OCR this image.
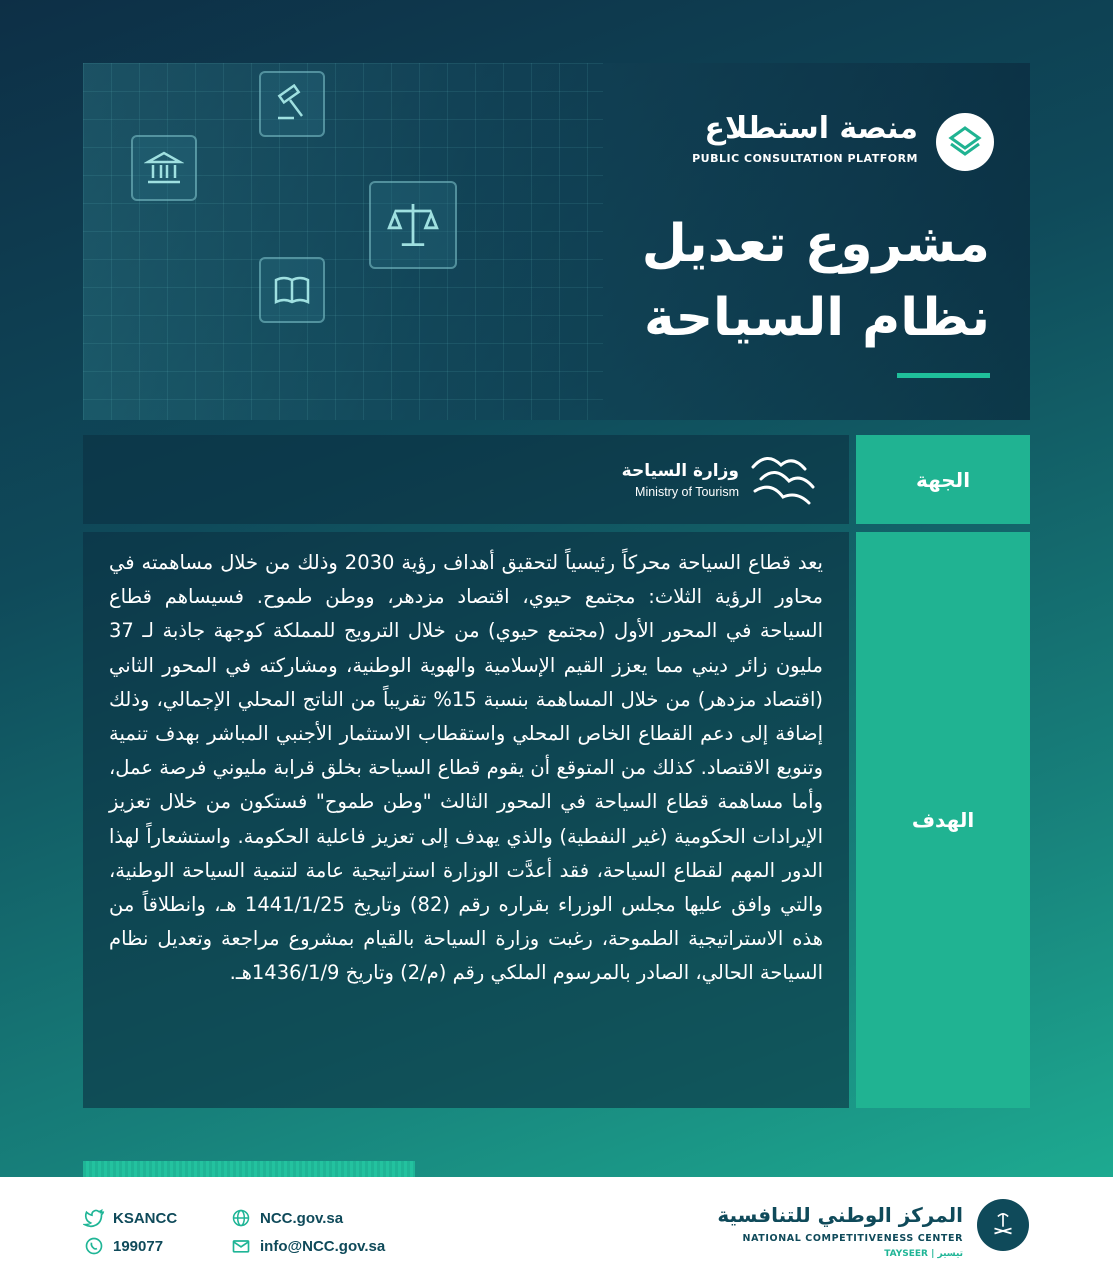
منصة استطلاع
PUBLIC CONSULTATION PLATFORM
مشروع تعديل
نظام السياحة
وزارة السياحة
Ministry of Tourism
الجهة
يعد قطاع السياحة محركاً رئيسياً لتحقيق أهداف رؤية 2030 وذلك من خلال مساهمته في محاور الرؤية الثلاث: مجتمع حيوي، اقتصاد مزدهر، ووطن طموح. فسيساهم قطاع السياحة في المحور الأول (مجتمع حيوي) من خلال الترويج للمملكة كوجهة جاذبة لـ 37 مليون زائر ديني مما يعزز القيم الإسلامية والهوية الوطنية، ومشاركته في المحور الثاني (اقتصاد مزدهر) من خلال المساهمة بنسبة 15% تقريباً من الناتج المحلي الإجمالي، وذلك إضافة إلى دعم القطاع الخاص المحلي واستقطاب الاستثمار الأجنبي المباشر بهدف تنمية وتنويع الاقتصاد. كذلك من المتوقع أن يقوم قطاع السياحة بخلق قرابة مليوني فرصة عمل، وأما مساهمة قطاع السياحة في المحور الثالث "وطن طموح" فستكون من خلال تعزيز الإيرادات الحكومية (غير النفطية) والذي يهدف إلى تعزيز فاعلية الحكومة. واستشعاراً لهذا الدور المهم لقطاع السياحة، فقد أعدَّت الوزارة استراتيجية عامة لتنمية السياحة الوطنية، والتي وافق عليها مجلس الوزراء بقراره رقم (82) وتاريخ 1441/1/25 هـ، وانطلاقاً من هذه الاستراتيجية الطموحة، رغبت وزارة السياحة بالقيام بمشروع مراجعة وتعديل نظام السياحة الحالي، الصادر بالمرسوم الملكي رقم (م/2) وتاريخ 1436/1/9هـ.
الهدف
KSANCC
199077
NCC.gov.sa
info@NCC.gov.sa
المركز الوطني للتنافسية
NATIONAL COMPETITIVENESS CENTER
TAYSEER | تيسير
